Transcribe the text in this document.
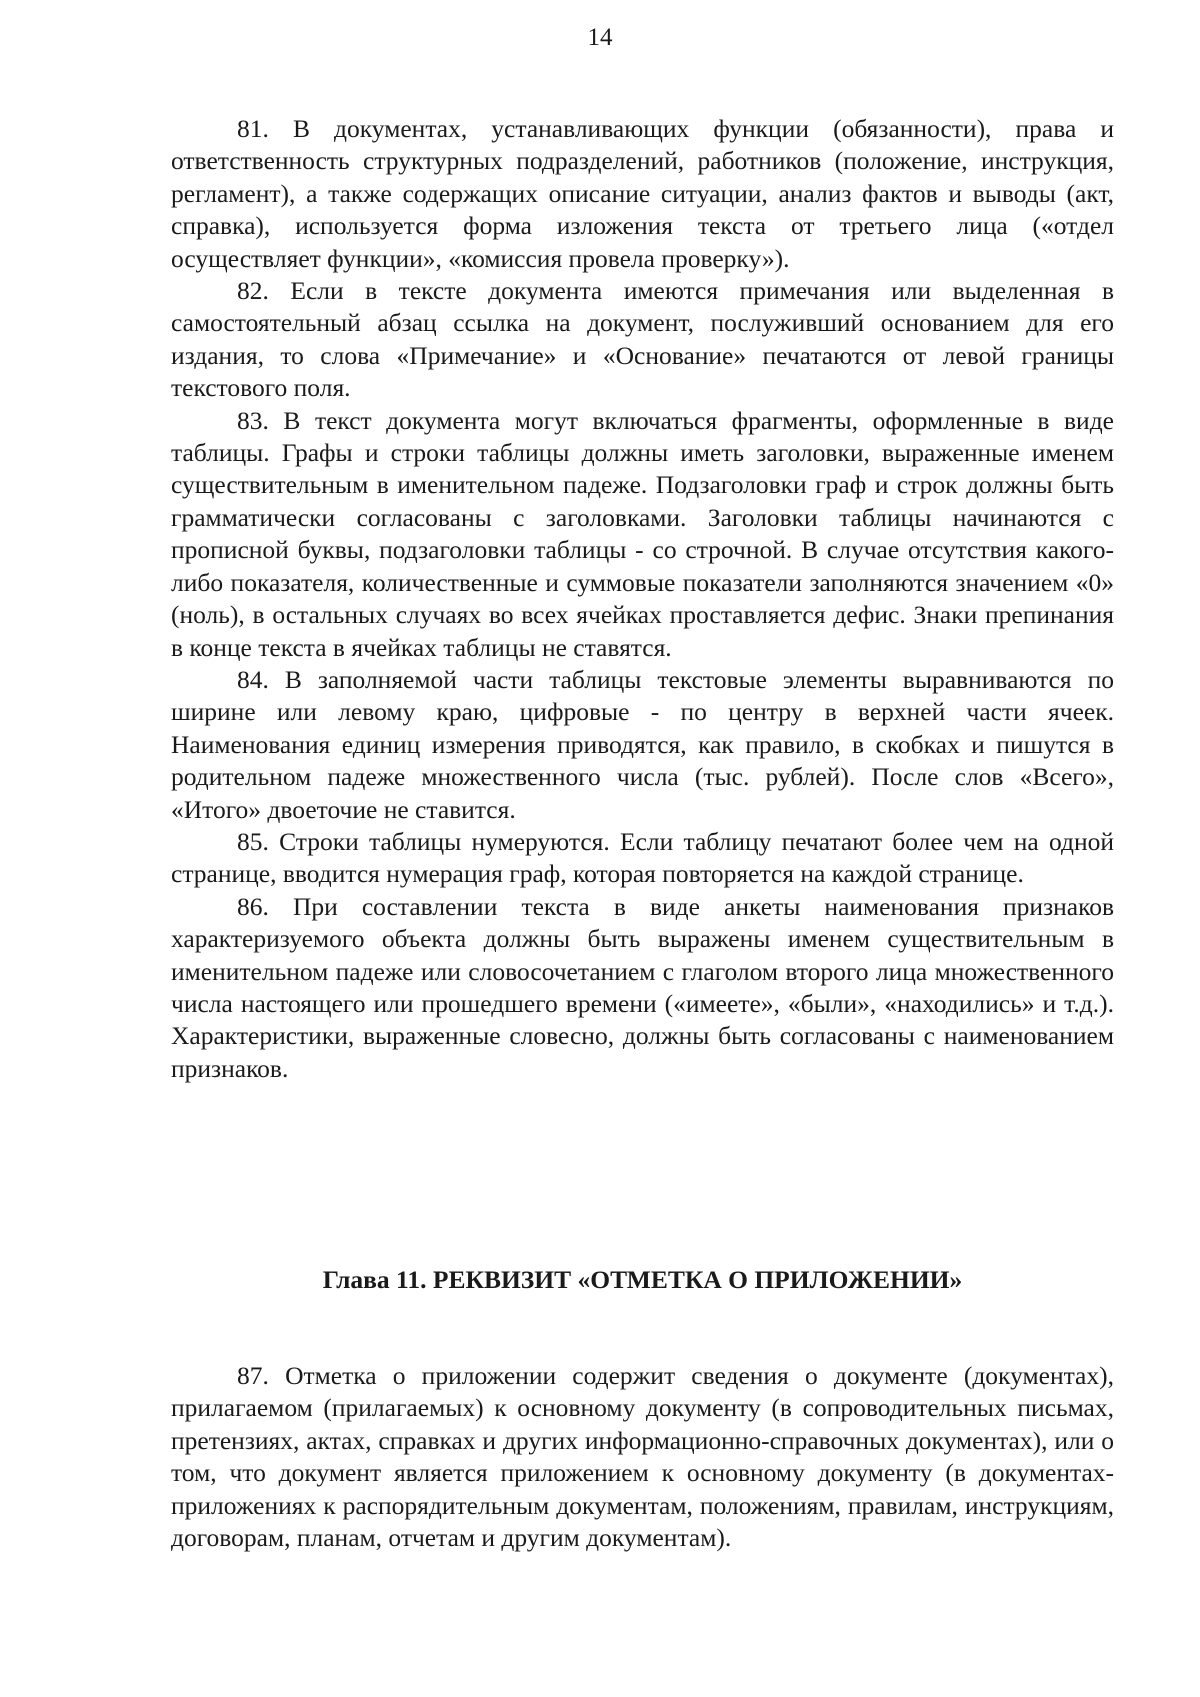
14

81. В документах, устанавливающих функции (обязанности), права и ответственность структурных подразделений, работников (положение, инструкция, регламент), а также содержащих описание ситуации, анализ фактов и выводы (акт, справка), используется форма изложения текста от третьего лица («отдел осуществляет функции», «комиссия провела проверку»).

82. Если в тексте документа имеются примечания или выделенная в самостоятельный абзац ссылка на документ, послуживший основанием для его издания, то слова «Примечание» и «Основание» печатаются от левой границы текстового поля.

83. В текст документа могут включаться фрагменты, оформленные в виде таблицы. Графы и строки таблицы должны иметь заголовки, выраженные именем существительным в именительном падеже. Подзаголовки граф и строк должны быть грамматически согласованы с заголовками. Заголовки таблицы начинаются с прописной буквы, подзаголовки таблицы - со строчной. В случае отсутствия какого-либо показателя, количественные и суммовые показатели заполняются значением «0» (ноль), в остальных случаях во всех ячейках проставляется дефис. Знаки препинания в конце текста в ячейках таблицы не ставятся.

84. В заполняемой части таблицы текстовые элементы выравниваются по ширине или левому краю, цифровые - по центру в верхней части ячеек. Наименования единиц измерения приводятся, как правило, в скобках и пишутся в родительном падеже множественного числа (тыс. рублей). После слов «Всего», «Итого» двоеточие не ставится.

85. Строки таблицы нумеруются. Если таблицу печатают более чем на одной странице, вводится нумерация граф, которая повторяется на каждой странице.

86. При составлении текста в виде анкеты наименования признаков характеризуемого объекта должны быть выражены именем существительным в именительном падеже или словосочетанием с глаголом второго лица множественного числа настоящего или прошедшего времени («имеете», «были», «находились» и т.д.). Характеристики, выраженные словесно, должны быть согласованы с наименованием признаков.

Глава 11. РЕКВИЗИТ «ОТМЕТКА О ПРИЛОЖЕНИИ»

87. Отметка о приложении содержит сведения о документе (документах), прилагаемом (прилагаемых) к основному документу (в сопроводительных письмах, претензиях, актах, справках и других информационно-справочных документах), или о том, что документ является приложением к основному документу (в документах-приложениях к распорядительным документам, положениям, правилам, инструкциям, договорам, планам, отчетам и другим документам).
